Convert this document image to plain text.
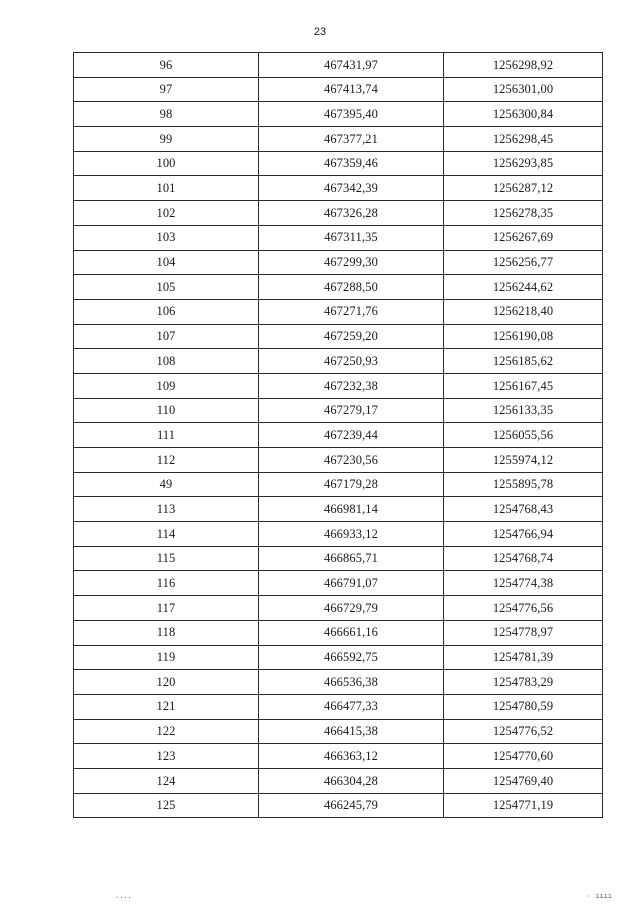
23
96	467431,97	1256298,92
97	467413,74	1256301,00
98	467395,40	1256300,84
99	467377,21	1256298,45
100	467359,46	1256293,85
101	467342,39	1256287,12
102	467326,28	1256278,35
103	467311,35	1256267,69
104	467299,30	1256256,77
105	467288,50	1256244,62
106	467271,76	1256218,40
107	467259,20	1256190,08
108	467250,93	1256185,62
109	467232,38	1256167,45
110	467279,17	1256133,35
111	467239,44	1256055,56
112	467230,56	1255974,12
49	467179,28	1255895,78
113	466981,14	1254768,43
114	466933,12	1254766,94
115	466865,71	1254768,74
116	466791,07	1254774,38
117	466729,79	1254776,56
118	466661,16	1254778,97
119	466592,75	1254781,39
120	466536,38	1254783,29
121	466477,33	1254780,59
122	466415,38	1254776,52
123	466363,12	1254770,60
124	466304,28	1254769,40
125	466245,79	1254771,19
....	· ıııı
